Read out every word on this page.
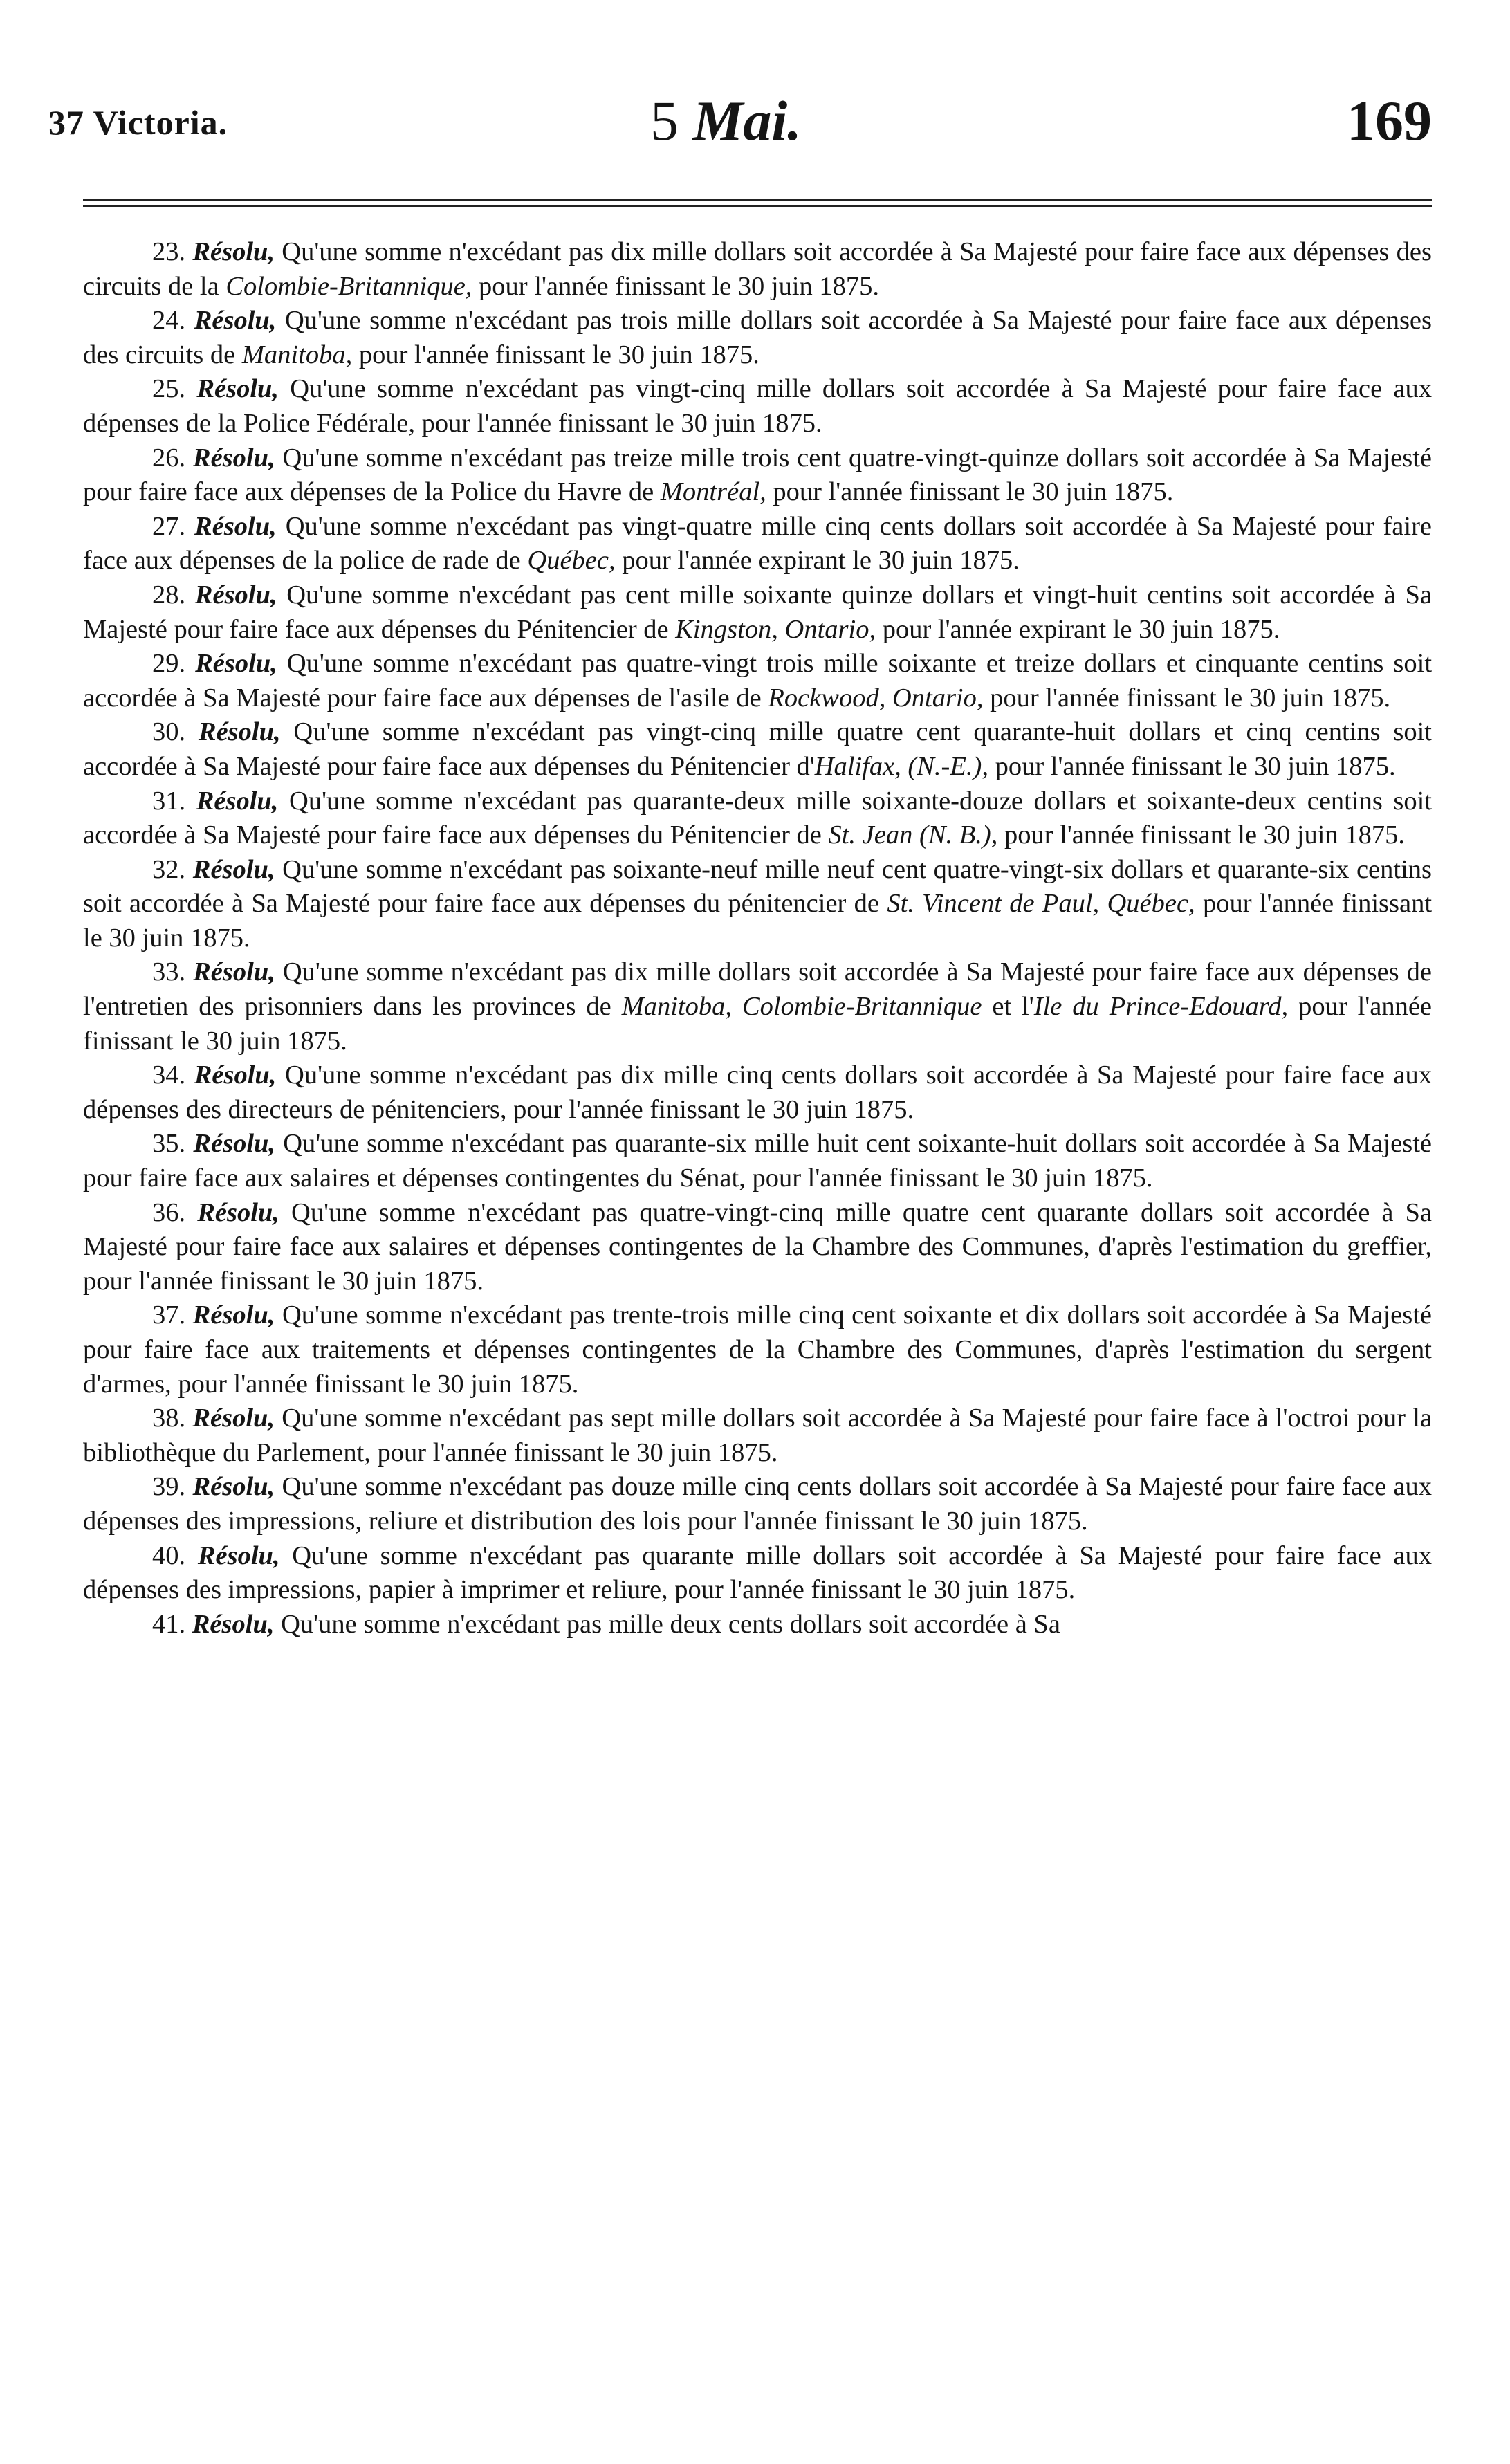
37 Victoria.	5 Mai.	169

23. Résolu, Qu'une somme n'excédant pas dix mille dollars soit accordée à Sa Majesté pour faire face aux dépenses des circuits de la Colombie-Britannique, pour l'année finissant le 30 juin 1875.

24. Résolu, Qu'une somme n'excédant pas trois mille dollars soit accordée à Sa Majesté pour faire face aux dépenses des circuits de Manitoba, pour l'année finissant le 30 juin 1875.

25. Résolu, Qu'une somme n'excédant pas vingt-cinq mille dollars soit accordée à Sa Majesté pour faire face aux dépenses de la Police Fédérale, pour l'année finissant le 30 juin 1875.

26. Résolu, Qu'une somme n'excédant pas treize mille trois cent quatre-vingt-quinze dollars soit accordée à Sa Majesté pour faire face aux dépenses de la Police du Havre de Montréal, pour l'année finissant le 30 juin 1875.

27. Résolu, Qu'une somme n'excédant pas vingt-quatre mille cinq cents dollars soit accordée à Sa Majesté pour faire face aux dépenses de la police de rade de Québec, pour l'année expirant le 30 juin 1875.

28. Résolu, Qu'une somme n'excédant pas cent mille soixante quinze dollars et vingt-huit centins soit accordée à Sa Majesté pour faire face aux dépenses du Pénitencier de Kingston, Ontario, pour l'année expirant le 30 juin 1875.

29. Résolu, Qu'une somme n'excédant pas quatre-vingt trois mille soixante et treize dollars et cinquante centins soit accordée à Sa Majesté pour faire face aux dépenses de l'asile de Rockwood, Ontario, pour l'année finissant le 30 juin 1875.

30. Résolu, Qu'une somme n'excédant pas vingt-cinq mille quatre cent quarante-huit dollars et cinq centins soit accordée à Sa Majesté pour faire face aux dépenses du Pénitencier d'Halifax, (N.-E.), pour l'année finissant le 30 juin 1875.

31. Résolu, Qu'une somme n'excédant pas quarante-deux mille soixante-douze dollars et soixante-deux centins soit accordée à Sa Majesté pour faire face aux dépenses du Pénitencier de St. Jean (N. B.), pour l'année finissant le 30 juin 1875.

32. Résolu, Qu'une somme n'excédant pas soixante-neuf mille neuf cent quatre-vingt-six dollars et quarante-six centins soit accordée à Sa Majesté pour faire face aux dépenses du pénitencier de St. Vincent de Paul, Québec, pour l'année finissant le 30 juin 1875.

33. Résolu, Qu'une somme n'excédant pas dix mille dollars soit accordée à Sa Majesté pour faire face aux dépenses de l'entretien des prisonniers dans les provinces de Manitoba, Colombie-Britannique et l'Ile du Prince-Edouard, pour l'année finissant le 30 juin 1875.

34. Résolu, Qu'une somme n'excédant pas dix mille cinq cents dollars soit accordée à Sa Majesté pour faire face aux dépenses des directeurs de pénitenciers, pour l'année finissant le 30 juin 1875.

35. Résolu, Qu'une somme n'excédant pas quarante-six mille huit cent soixante-huit dollars soit accordée à Sa Majesté pour faire face aux salaires et dépenses contingentes du Sénat, pour l'année finissant le 30 juin 1875.

36. Résolu, Qu'une somme n'excédant pas quatre-vingt-cinq mille quatre cent quarante dollars soit accordée à Sa Majesté pour faire face aux salaires et dépenses contingentes de la Chambre des Communes, d'après l'estimation du greffier, pour l'année finissant le 30 juin 1875.

37. Résolu, Qu'une somme n'excédant pas trente-trois mille cinq cent soixante et dix dollars soit accordée à Sa Majesté pour faire face aux traitements et dépenses contingentes de la Chambre des Communes, d'après l'estimation du sergent d'armes, pour l'année finissant le 30 juin 1875.

38. Résolu, Qu'une somme n'excédant pas sept mille dollars soit accordée à Sa Majesté pour faire face à l'octroi pour la bibliothèque du Parlement, pour l'année finissant le 30 juin 1875.

39. Résolu, Qu'une somme n'excédant pas douze mille cinq cents dollars soit accordée à Sa Majesté pour faire face aux dépenses des impressions, reliure et distribution des lois pour l'année finissant le 30 juin 1875.

40. Résolu, Qu'une somme n'excédant pas quarante mille dollars soit accordée à Sa Majesté pour faire face aux dépenses des impressions, papier à imprimer et reliure, pour l'année finissant le 30 juin 1875.

41. Résolu, Qu'une somme n'excédant pas mille deux cents dollars soit accordée à Sa
